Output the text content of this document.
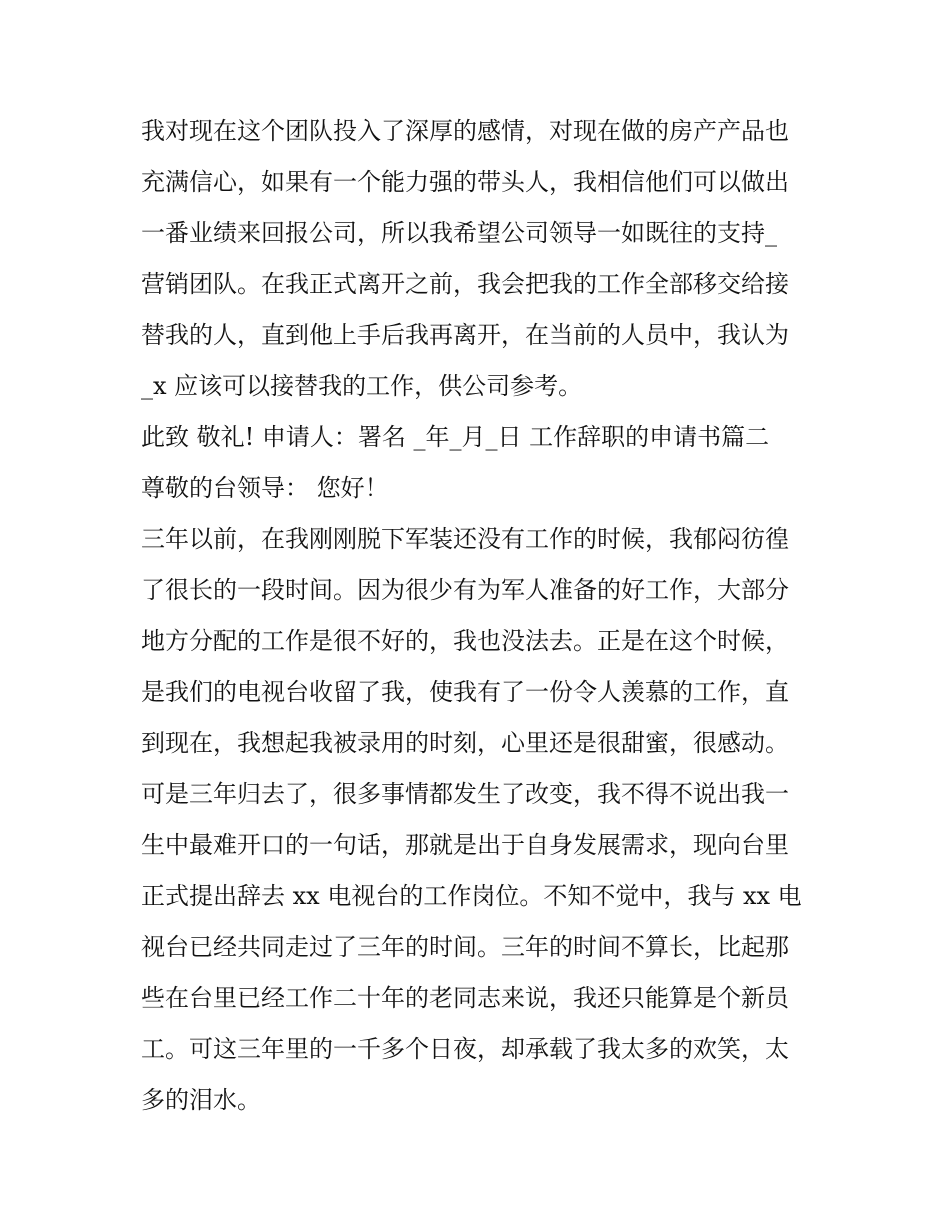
我对现在这个团队投入了深厚的感情，对现在做的房产产品也
充满信心，如果有一个能力强的带头人，我相信他们可以做出
一番业绩来回报公司，所以我希望公司领导一如既往的支持_
营销团队。在我正式离开之前，我会把我的工作全部移交给接
替我的人，直到他上手后我再离开，在当前的人员中，我认为
_x 应该可以接替我的工作，供公司参考。
此致 敬礼! 申请人：署名 _年_月_日 工作辞职的申请书篇二
尊敬的台领导： 您好！
三年以前，在我刚刚脱下军装还没有工作的时候，我郁闷彷徨
了很长的一段时间。因为很少有为军人准备的好工作，大部分
地方分配的工作是很不好的，我也没法去。正是在这个时候，
是我们的电视台收留了我，使我有了一份令人羡慕的工作，直
到现在，我想起我被录用的时刻，心里还是很甜蜜，很感动。
可是三年归去了，很多事情都发生了改变，我不得不说出我一
生中最难开口的一句话，那就是出于自身发展需求，现向台里
正式提出辞去 xx 电视台的工作岗位。不知不觉中，我与 xx 电
视台已经共同走过了三年的时间。三年的时间不算长，比起那
些在台里已经工作二十年的老同志来说，我还只能算是个新员
工。可这三年里的一千多个日夜，却承载了我太多的欢笑，太
多的泪水。
